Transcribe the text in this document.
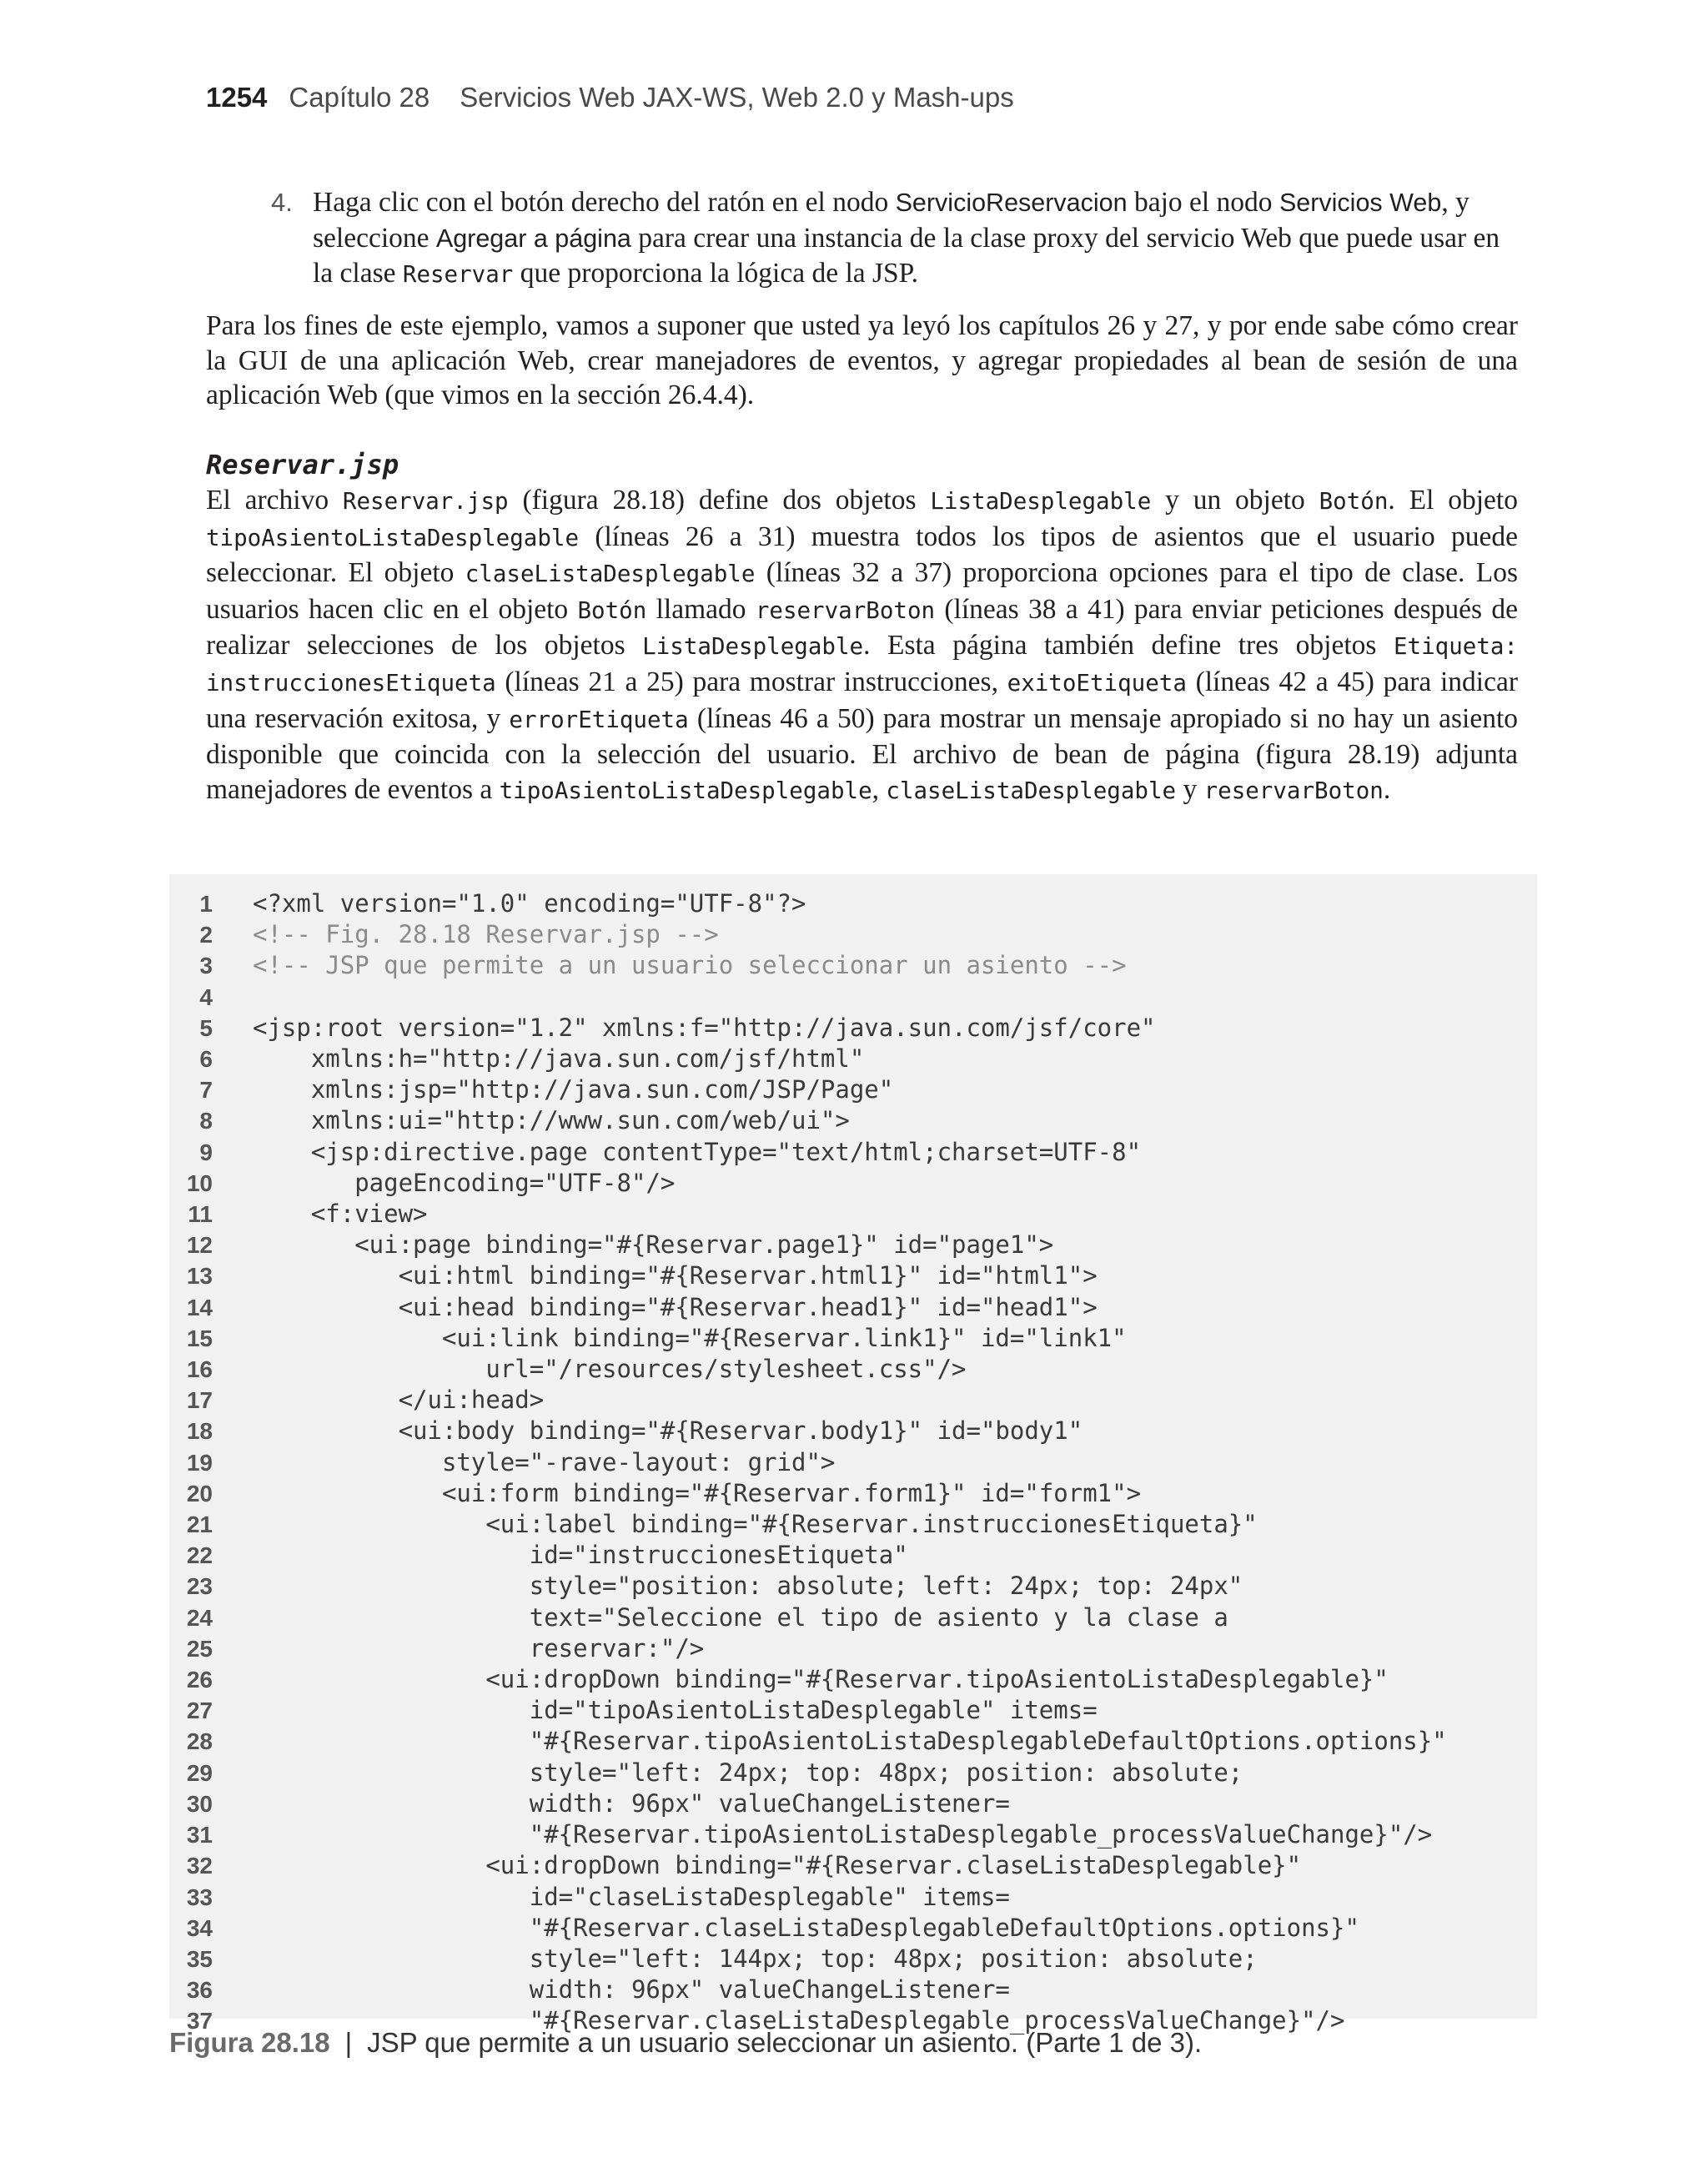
1254 Capítulo 28 Servicios Web JAX-WS, Web 2.0 y Mash-ups
4. Haga clic con el botón derecho del ratón en el nodo ServicioReservacion bajo el nodo Servicios Web, y seleccione Agregar a página para crear una instancia de la clase proxy del servicio Web que puede usar en la clase Reservar que proporciona la lógica de la JSP.
Para los fines de este ejemplo, vamos a suponer que usted ya leyó los capítulos 26 y 27, y por ende sabe cómo crear la GUI de una aplicación Web, crear manejadores de eventos, y agregar propiedades al bean de sesión de una aplicación Web (que vimos en la sección 26.4.4).
Reservar.jsp
El archivo Reservar.jsp (figura 28.18) define dos objetos ListaDesplegable y un objeto Botón. El objeto tipoAsientoListaDesplegable (líneas 26 a 31) muestra todos los tipos de asientos que el usuario puede seleccionar. El objeto claseListaDesplegable (líneas 32 a 37) proporciona opciones para el tipo de clase. Los usuarios hacen clic en el objeto Botón llamado reservarBoton (líneas 38 a 41) para enviar peticiones después de realizar selecciones de los objetos ListaDesplegable. Esta página también define tres objetos Etiqueta: instruccionesEtiqueta (líneas 21 a 25) para mostrar instrucciones, exitoEtiqueta (líneas 42 a 45) para indicar una reservación exitosa, y errorEtiqueta (líneas 46 a 50) para mostrar un mensaje apropiado si no hay un asiento disponible que coincida con la selección del usuario. El archivo de bean de página (figura 28.19) adjunta manejadores de eventos a tipoAsientoListaDesplegable, claseListaDesplegable y reservarBoton.
1 <?xml version="1.0" encoding="UTF-8"?>
2 <!-- Fig. 28.18 Reservar.jsp -->
3 <!-- JSP que permite a un usuario seleccionar un asiento -->
4
5 <jsp:root version="1.2" xmlns:f="http://java.sun.com/jsf/core"
6    xmlns:h="http://java.sun.com/jsf/html"
7    xmlns:jsp="http://java.sun.com/JSP/Page"
8    xmlns:ui="http://www.sun.com/web/ui">
9    <jsp:directive.page contentType="text/html;charset=UTF-8"
10       pageEncoding="UTF-8"/>
11    <f:view>
12       <ui:page binding="#{Reservar.page1}" id="page1">
13          <ui:html binding="#{Reservar.html1}" id="html1">
14          <ui:head binding="#{Reservar.head1}" id="head1">
15             <ui:link binding="#{Reservar.link1}" id="link1"
16                url="/resources/stylesheet.css"/>
17          </ui:head>
18          <ui:body binding="#{Reservar.body1}" id="body1"
19             style="-rave-layout: grid">
20             <ui:form binding="#{Reservar.form1}" id="form1">
21                <ui:label binding="#{Reservar.instruccionesEtiqueta}"
22                   id="instruccionesEtiqueta"
23                   style="position: absolute; left: 24px; top: 24px"
24                   text="Seleccione el tipo de asiento y la clase a
25                   reservar:"/>
26                <ui:dropDown binding="#{Reservar.tipoAsientoListaDesplegable}"
27                   id="tipoAsientoListaDesplegable" items=
28                   "#{Reservar.tipoAsientoListaDesplegableDefaultOptions.options}"
29                   style="left: 24px; top: 48px; position: absolute;
30                   width: 96px" valueChangeListener=
31                   "#{Reservar.tipoAsientoListaDesplegable_processValueChange}"/>
32                <ui:dropDown binding="#{Reservar.claseListaDesplegable}"
33                   id="claseListaDesplegable" items=
34                   "#{Reservar.claseListaDesplegableDefaultOptions.options}"
35                   style="left: 144px; top: 48px; position: absolute;
36                   width: 96px" valueChangeListener=
37                   "#{Reservar.claseListaDesplegable_processValueChange}"/>
Figura 28.18 | JSP que permite a un usuario seleccionar un asiento. (Parte 1 de 3).
